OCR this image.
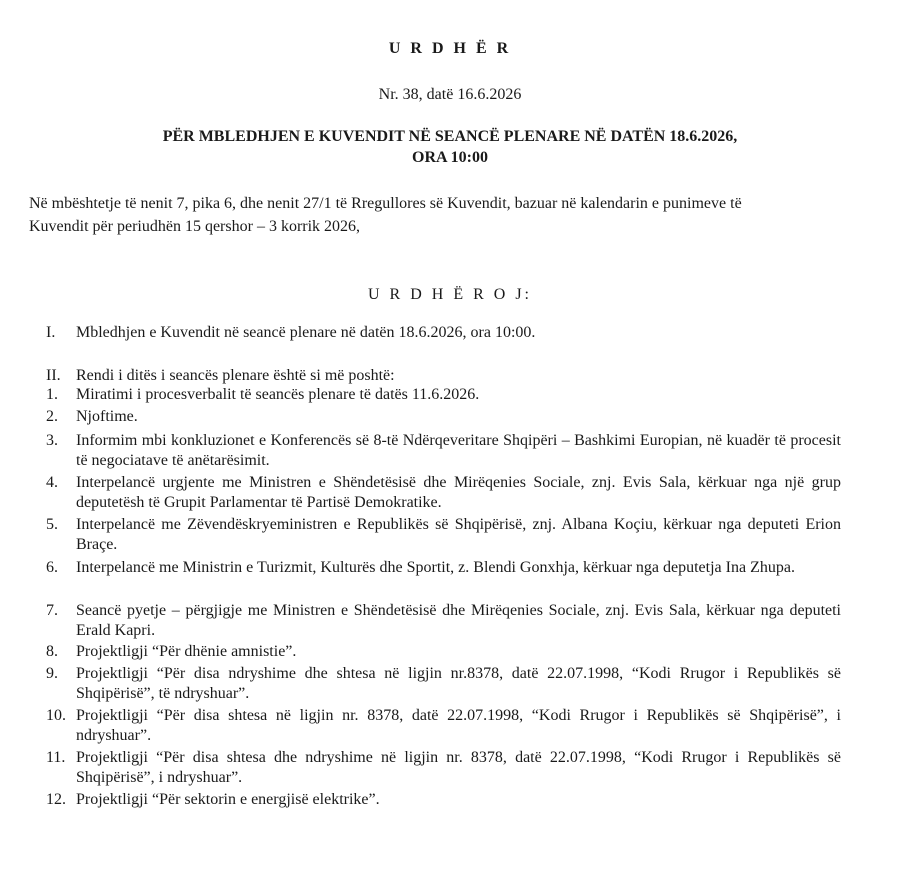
U R D H Ë R
Nr. 38, datë 16.6.2026
PËR MBLEDHJEN E KUVENDIT NË SEANCË PLENARE NË DATËN 18.6.2026,
ORA 10:00
Në mbështetje të nenit 7, pika 6, dhe nenit 27/1 të Rregullores së Kuvendit, bazuar në kalendarin e punimeve të
Kuvendit për periudhën 15 qershor – 3 korrik 2026,
U R D H Ë R O J:
I.	Mbledhjen e Kuvendit në seancë plenare në datën 18.6.2026, ora 10:00.
II. Rendi i ditës i seancës plenare është si më poshtë:
1.	Miratimi i procesverbalit të seancës plenare të datës 11.6.2026.
2.	Njoftime.
3.	Informim mbi konkluzionet e Konferencës së 8-të Ndërqeveritare Shqipëri – Bashkimi Europian, në kuadër të procesit të negociatave të anëtarësimit.
4.	Interpelancë urgjente me Ministren e Shëndetësisë dhe Mirëqenies Sociale, znj. Evis Sala, kërkuar nga një grup deputetësh të Grupit Parlamentar të Partisë Demokratike.
5.	Interpelancë me Zëvendëskryeministren e Republikës së Shqipërisë, znj. Albana Koçiu, kërkuar nga deputeti Erion Braçe.
6.	Interpelancë me Ministrin e Turizmit, Kulturës dhe Sportit, z. Blendi Gonxhja, kërkuar nga deputetja Ina Zhupa.
7.	Seancë pyetje – përgjigje me Ministren e Shëndetësisë dhe Mirëqenies Sociale, znj. Evis Sala, kërkuar nga deputeti Erald Kapri.
8.	Projektligji “Për dhënie amnistie”.
9.	Projektligji “Për disa ndryshime dhe shtesa në ligjin nr.8378, datë 22.07.1998, “Kodi Rrugor i Republikës së Shqipërisë”, të ndryshuar”.
10. Projektligji “Për disa shtesa në ligjin nr. 8378, datë 22.07.1998, “Kodi Rrugor i Republikës së Shqipërisë”, i ndryshuar”.
11. Projektligji “Për disa shtesa dhe ndryshime në ligjin nr. 8378, datë 22.07.1998, “Kodi Rrugor i Republikës së Shqipërisë”, i ndryshuar”.
12. Projektligji “Për sektorin e energjisë elektrike”.
